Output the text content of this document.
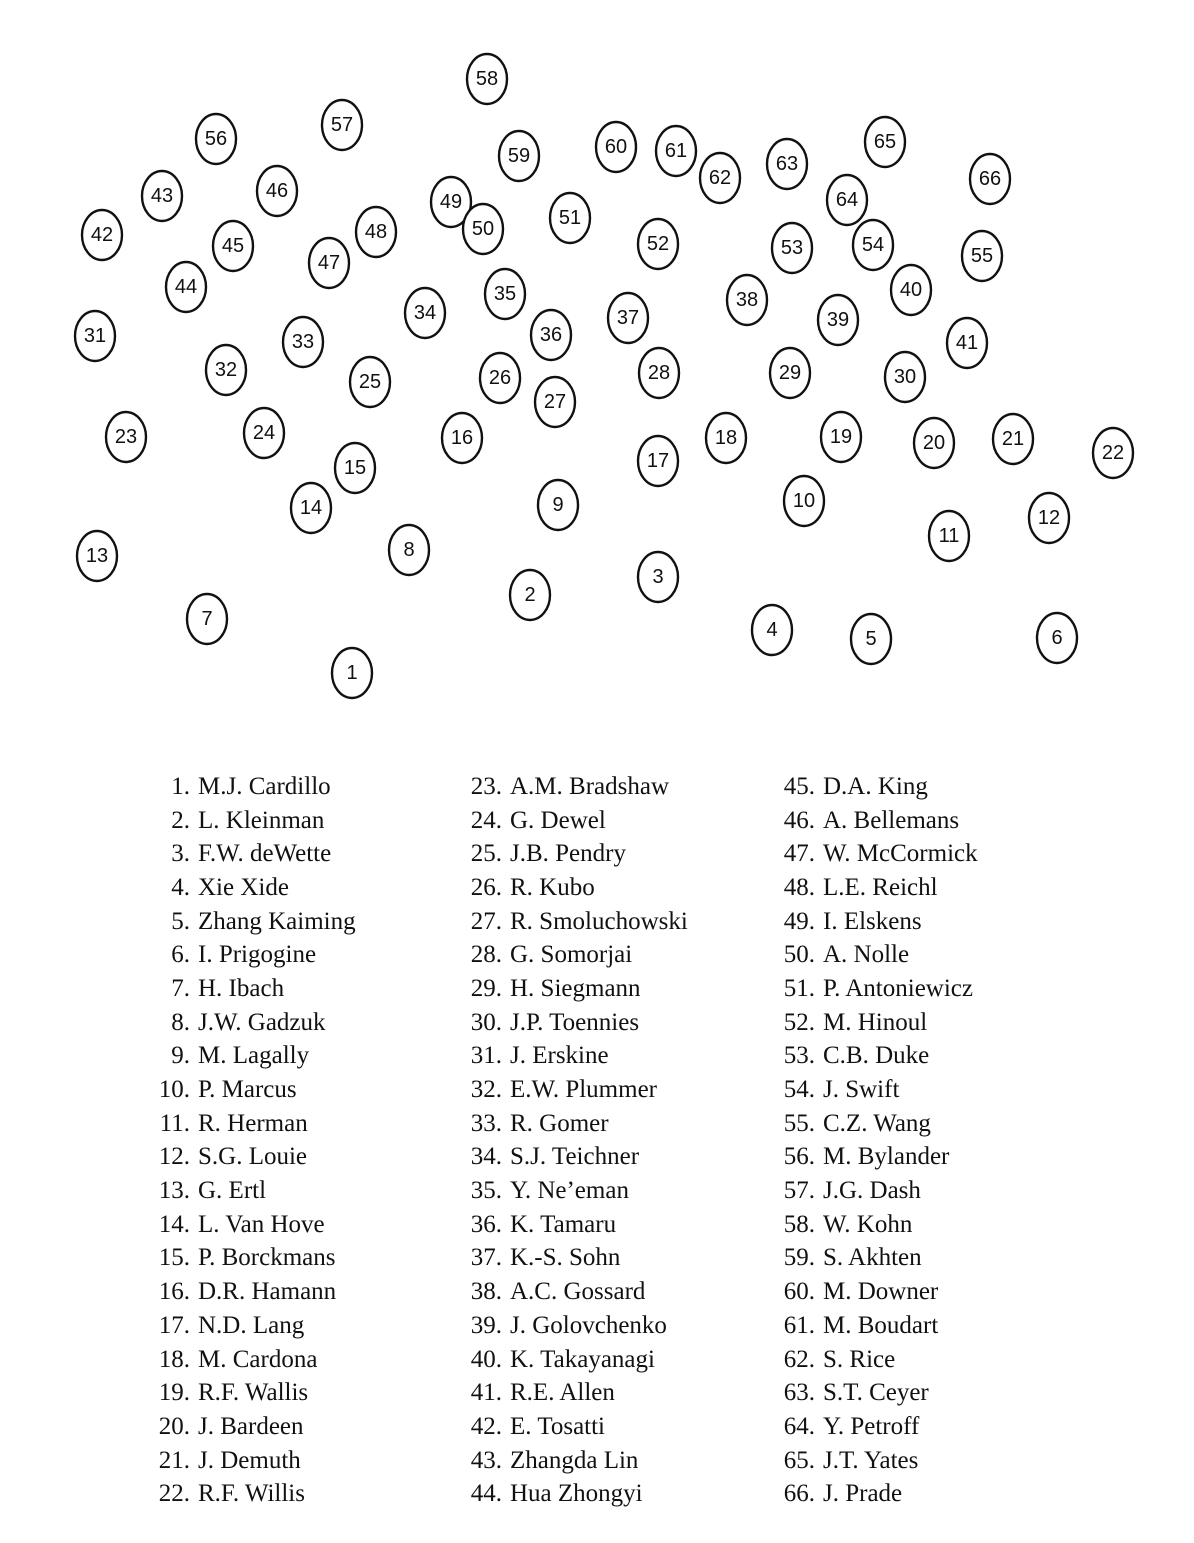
1
2
3
4	5	6
7
8
9	10
11
12
13
14
15
16
17
18	19	20	21
22
23	24
25	26
27
28	29	30
31
32
33
34
35
36
37
38
39
40
41
42
43
44
45
46
47
48
49
50	51
52	53	54	55
56
57
58
59	60 61
62
63
64
65
66
1. M.J. Cardillo
2. L. Kleinman
3. F.W. deWette
4. Xie Xide
5. Zhang Kaiming
6. I. Prigogine
7. H. Ibach
8. J.W. Gadzuk
9. M. Lagally
10. P. Marcus
11. R. Herman
12. S.G. Louie
13. G. Ertl
14. L. Van Hove
15. P. Borckmans
16. D.R. Hamann
17. N.D. Lang
18. M. Cardona
19. R.F. Wallis
20. J. Bardeen
21. J. Demuth
22. R.F. Willis
23. A.M. Bradshaw
24. G. Dewel
25. J.B. Pendry
26. R. Kubo
27. R. Smoluchowski
28. G. Somorjai
29. H. Siegmann
30. J.P. Toennies
31. J. Erskine
32. E.W. Plummer
33. R. Gomer
34. S.J. Teichner
35. Y. Ne’eman
36. K. Tamaru
37. K.-S. Sohn
38. A.C. Gossard
39. J. Golovchenko
40. K. Takayanagi
41. R.E. Allen
42. E. Tosatti
43. Zhangda Lin
44. Hua Zhongyi
45. D.A. King
46. A. Bellemans
47. W. McCormick
48. L.E. Reichl
49. I. Elskens
50. A. Nolle
51. P. Antoniewicz
52. M. Hinoul
53. C.B. Duke
54. J. Swift
55. C.Z. Wang
56. M. Bylander
57. J.G. Dash
58. W. Kohn
59. S. Akhten
60. M. Downer
61. M. Boudart
62. S. Rice
63. S.T. Ceyer
64. Y. Petroff
65. J.T. Yates
66. J. Prade
